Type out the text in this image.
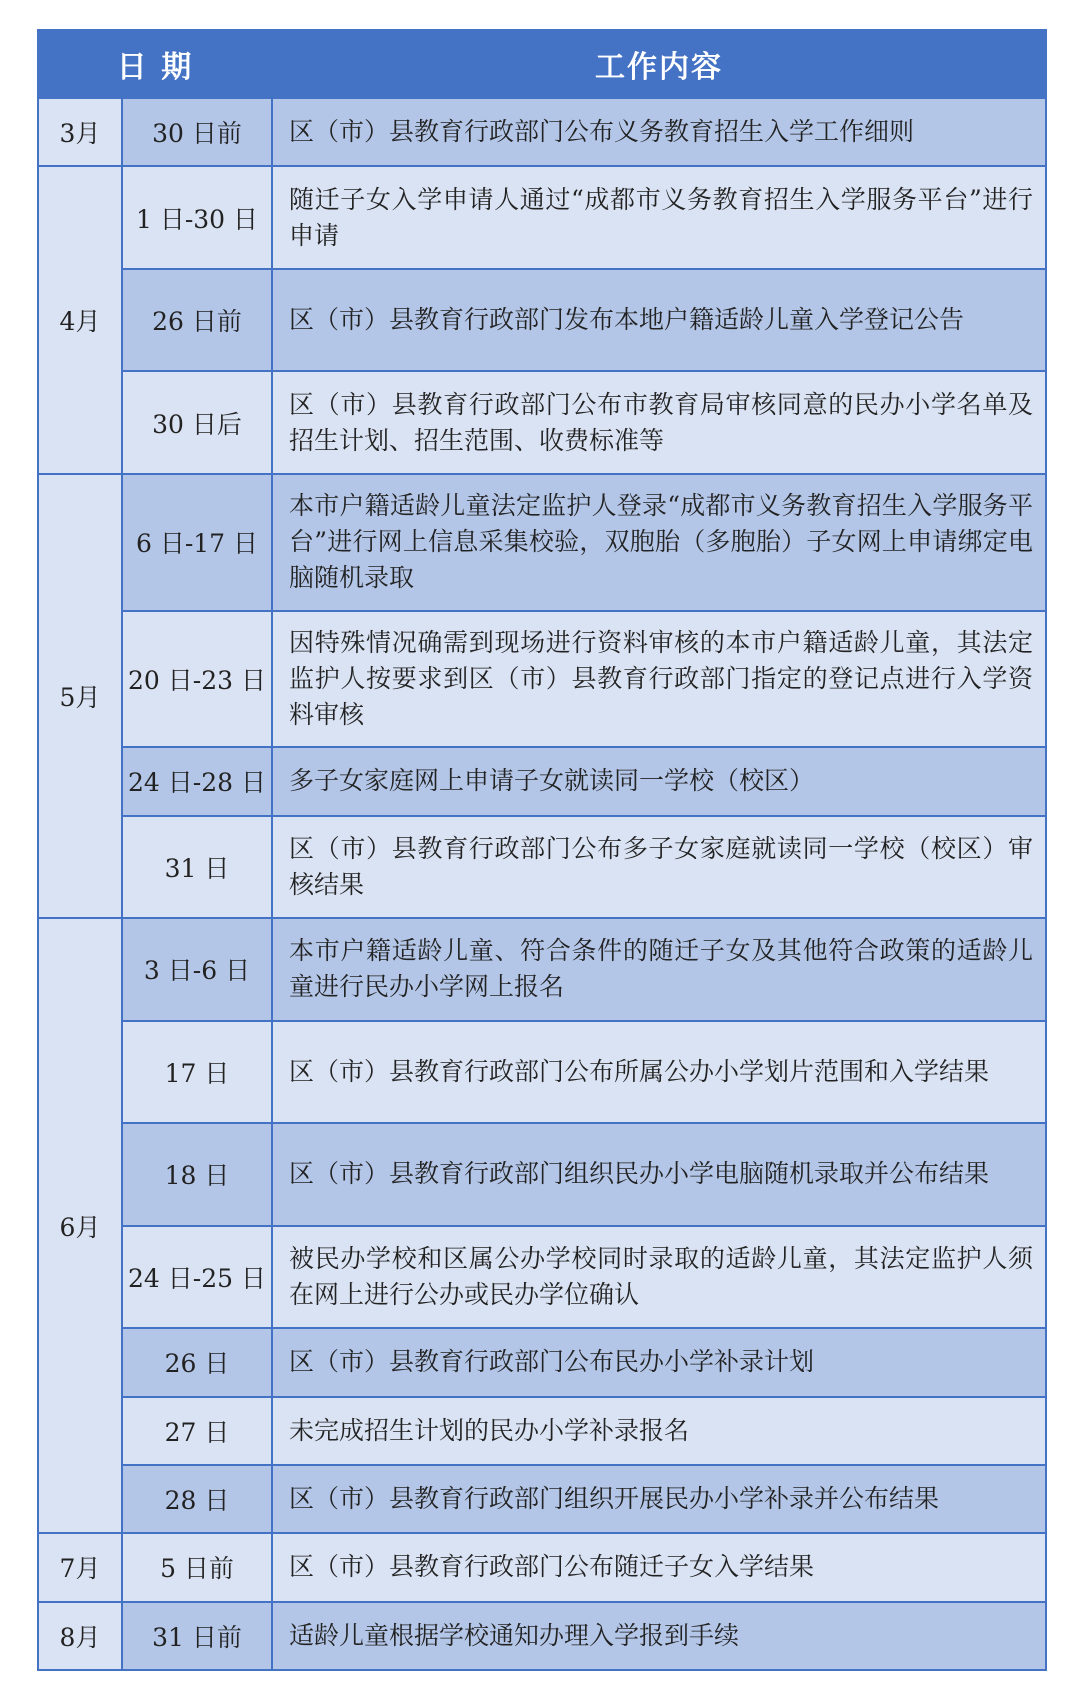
日 期		工作内容
3月	30 日前	区（市）县教育行政部门公布义务教育招生入学工作细则
4月	1 日-30 日	随迁子女入学申请人通过“成都市义务教育招生入学服务平台”进行申请
	26 日前	区（市）县教育行政部门发布本地户籍适龄儿童入学登记公告
	30 日后	区（市）县教育行政部门公布市教育局审核同意的民办小学名单及招生计划、招生范围、收费标准等
5月	6 日-17 日	本市户籍适龄儿童法定监护人登录“成都市义务教育招生入学服务平台”进行网上信息采集校验，双胞胎（多胞胎）子女网上申请绑定电脑随机录取
	20 日-23 日	因特殊情况确需到现场进行资料审核的本市户籍适龄儿童，其法定监护人按要求到区（市）县教育行政部门指定的登记点进行入学资料审核
	24 日-28 日	多子女家庭网上申请子女就读同一学校（校区）
	31 日	区（市）县教育行政部门公布多子女家庭就读同一学校（校区）审核结果
6月	3 日-6 日	本市户籍适龄儿童、符合条件的随迁子女及其他符合政策的适龄儿童进行民办小学网上报名
	17 日	区（市）县教育行政部门公布所属公办小学划片范围和入学结果
	18 日	区（市）县教育行政部门组织民办小学电脑随机录取并公布结果
	24 日-25 日	被民办学校和区属公办学校同时录取的适龄儿童，其法定监护人须在网上进行公办或民办学位确认
	26 日	区（市）县教育行政部门公布民办小学补录计划
	27 日	未完成招生计划的民办小学补录报名
	28 日	区（市）县教育行政部门组织开展民办小学补录并公布结果
7月	5 日前	区（市）县教育行政部门公布随迁子女入学结果
8月	31 日前	适龄儿童根据学校通知办理入学报到手续
